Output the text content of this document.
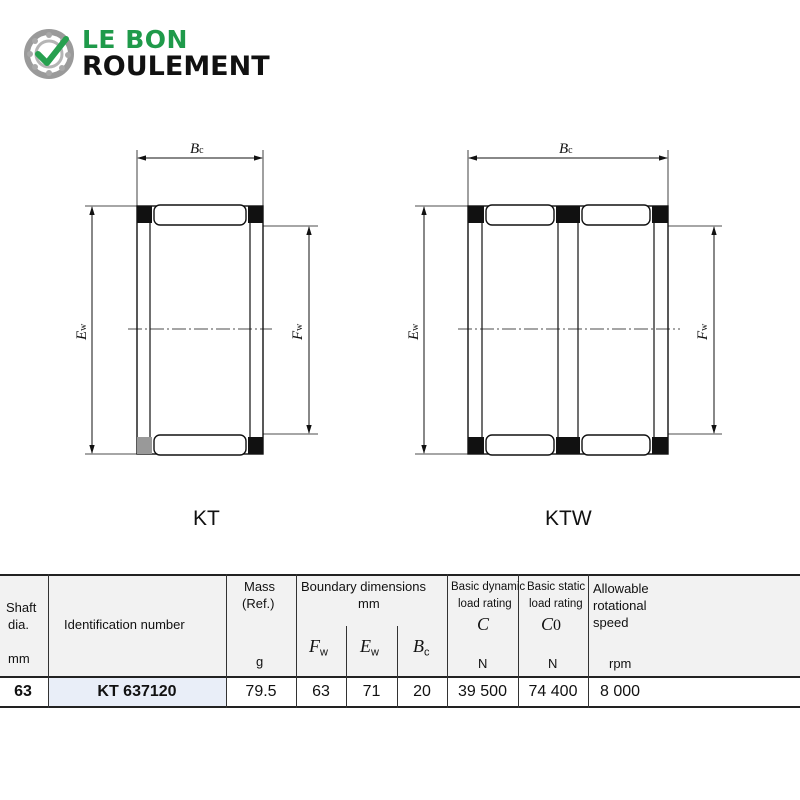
LE BON
ROULEMENT
Bc
Ew
Fw
Bc
Ew
Fw
KT	KTW
Shaft
dia.
mm
Identification number
Mass
(Ref.)
g
Boundary dimensions
mm
$F_w$ $E_w$ $B_c$
Basic dynamic
load rating
C
N
Basic static
load rating
C0
N
Allowable
rotational
speed
rpm
63	KT 637120	79.5	63	71	20	39 500	74 400	8 000
